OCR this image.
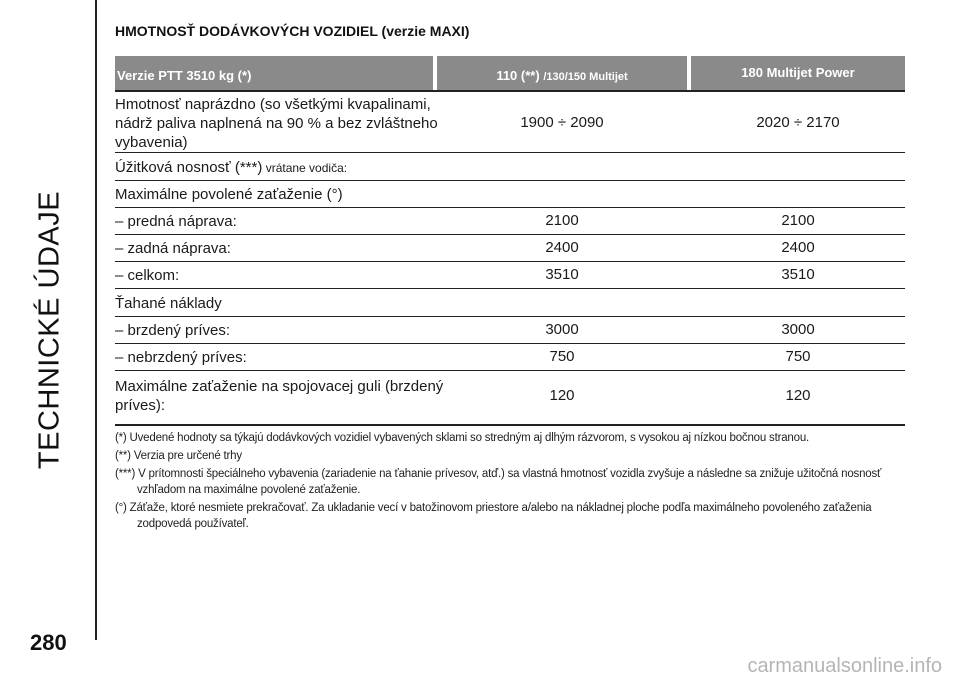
TECHNICKÉ ÚDAJE
280
HMOTNOSŤ DODÁVKOVÝCH VOZIDIEL (verzie MAXI)
Verzie PTT 3510 kg (*)	110 (**) /130/150 Multijet	180 Multijet Power
Hmotnosť naprázdno (so všetkými kvapalinami,
nádrž paliva naplnená na 90 % a bez zvláštneho
vybavenia)
1900 ÷ 2090	2020 ÷ 2170
Úžitková nosnosť (***) vrátane vodiča:
Maximálne povolené zaťaženie (°)
– predná náprava:	2100	2100
– zadná náprava:	2400	2400
– celkom:	3510	3510
Ťahané náklady
– brzdený príves:	3000	3000
– nebrzdený príves:	750	750
Maximálne zaťaženie na spojovacej guli (brzdený
príves):
120	120
(*) Uvedené hodnoty sa týkajú dodávkových vozidiel vybavených sklami so stredným aj dlhým rázvorom, s vysokou aj nízkou bočnou stranou.
(**) Verzia pre určené trhy
(***) V prítomnosti špeciálneho vybavenia (zariadenie na ťahanie prívesov, atď.) sa vlastná hmotnosť vozidla zvyšuje a následne sa znižuje užitočná nosnosť vzhľadom na maximálne povolené zaťaženie.
(°) Záťaže, ktoré nesmiete prekračovať. Za ukladanie vecí v batožinovom priestore a/alebo na nákladnej ploche podľa maximálneho povoleného zaťaženia zodpovedá používateľ.
carmanualsonline.info
